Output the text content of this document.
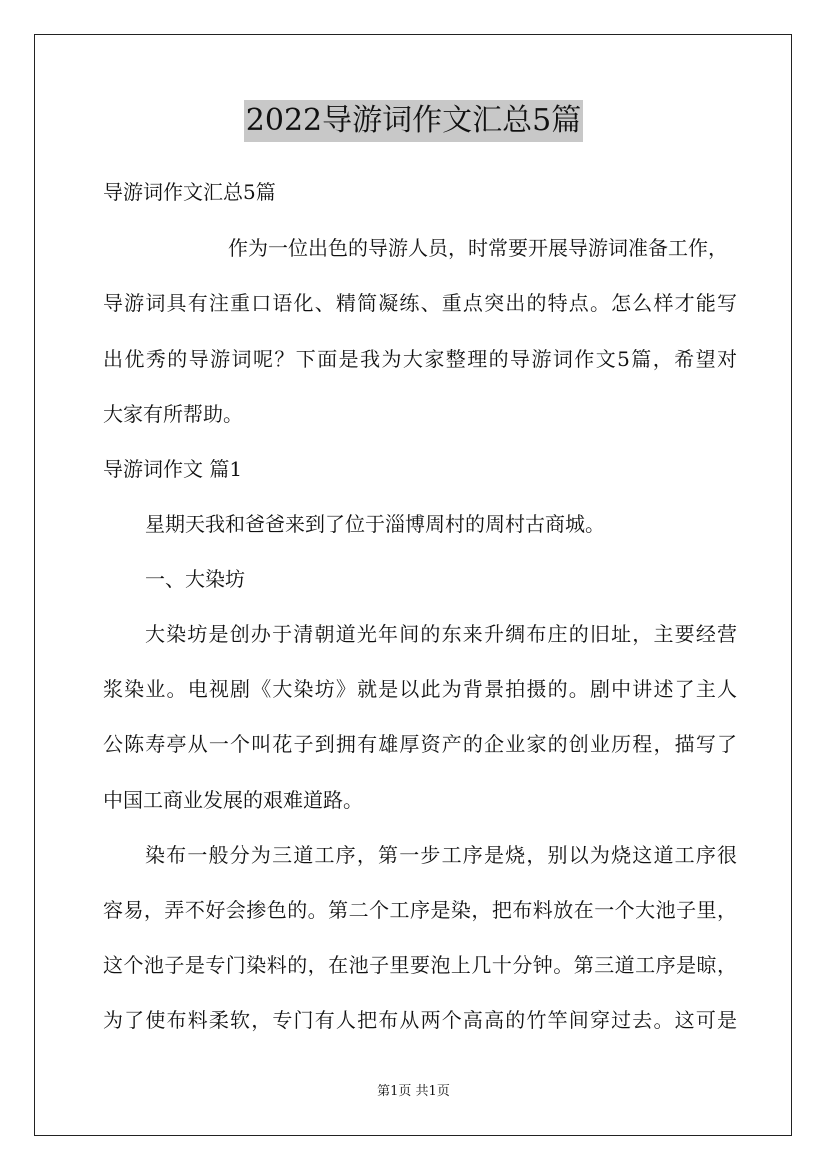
2022导游词作文汇总5篇
导游词作文汇总5篇
作为一位出色的导游人员，时常要开展导游词准备工作，
导游词具有注重口语化、精简凝练、重点突出的特点。怎么样才能写
出优秀的导游词呢？下面是我为大家整理的导游词作文5篇，希望对
大家有所帮助。
导游词作文 篇1
星期天我和爸爸来到了位于淄博周村的周村古商城。
一、大染坊
大染坊是创办于清朝道光年间的东来升绸布庄的旧址，主要经营
浆染业。电视剧《大染坊》就是以此为背景拍摄的。剧中讲述了主人
公陈寿亭从一个叫花子到拥有雄厚资产的企业家的创业历程，描写了
中国工商业发展的艰难道路。
染布一般分为三道工序，第一步工序是烧，别以为烧这道工序很
容易，弄不好会掺色的。第二个工序是染，把布料放在一个大池子里，
这个池子是专门染料的，在池子里要泡上几十分钟。第三道工序是晾，
为了使布料柔软，专门有人把布从两个高高的竹竿间穿过去。这可是
第1页 共1页
